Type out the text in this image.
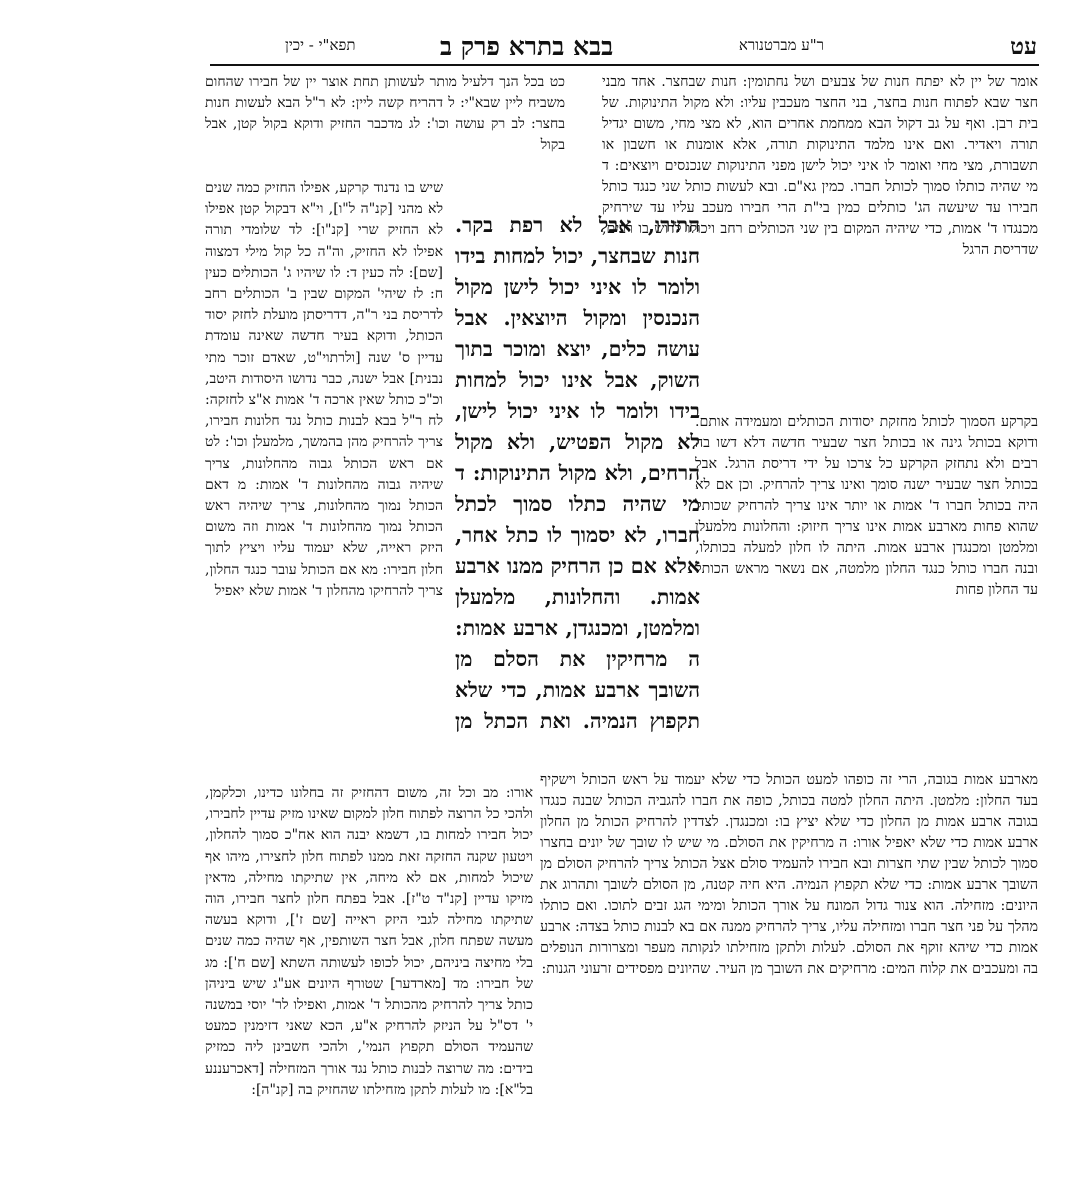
עט
ר"ע מברטנורא
בבא בתרא פרק ב
תפא"י - יכין
אומר של יין לא יפתח חנות של צבעים ושל נחתומין: חנות שבחצר. אחד מבני חצר שבא לפתוח חנות בחצר, בני החצר מעכבין עליו: ולא מקול התינוקות. של בית רבן. ואף על גב דקול הבא ממחמת אחרים הוא, לא מצי מחי, משום יגדיל תורה ויאדיר. ואם אינו מלמד התינוקות תורה, אלא אומנות או חשבון או תשבורת, מצי מחי ואומר לו איני יכול לישן מפני התינוקות שנכנסים ויוצאים: ד מי שהיה כותלו סמוך לכותל חברו. כמין גא"ם. ובא לעשות כותל שני כנגד כותל חבירו עד שיעשה הג' כותלים כמין בי"ת הרי חבירו מעכב עליו עד שירחיק מכנגדו ד' אמות, כדי שיהיה המקום בין שני הכותלים רחב ויכולו לדוש בו רבים, שדריסת הרגל
בקרקע הסמוך לכותל מחזקת יסודות הכותלים ומעמידה אותם. ודוקא בכותל גינה או בכותל חצר שבעיר חדשה דלא דשו בה רבים ולא נתחזק הקרקע כל צרכו על ידי דריסת הרגל. אבל בכותל חצר שבעיר ישנה סומך ואינו צריך להרחיק. וכן אם לא היה בכותל חברו ד' אמות או יותר אינו צריך להרחיק שכותל שהוא פחות מארבע אמות אינו צריך חיזוק: והחלונות מלמעלן ומלמטן ומכנגדן ארבע אמות. היתה לו חלון למעלה בכותלו, ובנה חברו כותל כנגד החלון מלמטה, אם נשאר מראש הכותל עד החלון פחות
מארבע אמות בגובה, הרי זה כופהו למעט הכותל כדי שלא יעמוד על ראש הכותל וישקיף בעד החלון: מלמטן. היתה החלון למטה בכותל, כופה את חברו להגביה הכותל שבנה כנגדו בגובה ארבע אמות מן החלון כדי שלא יציץ בו: ומכנגדן. לצדדין להרחיק הכותל מן החלון ארבע אמות כדי שלא יאפיל אורו: ה מרחיקין את הסולם. מי שיש לו שובך של יונים בחצרו סמוך לכותל שבין שתי חצרות ובא חבירו להעמיד סולם אצל הכותל צריך להרחיק הסולם מן השובך ארבע אמות: כדי שלא תקפוץ הנמיה. היא חיה קטנה, מן הסולם לשובך ותהרוג את היונים: מזחילה. הוא צנור גדול המונח על אורך הכותל ומימי הגג זבים לתוכו. ואם כותלו מהלך על פני חצר חברו ומזחילה עליו, צריך להרחיק ממנה אם בא לבנות כותל בצדה: ארבע אמות כדי שיהא זוקף את הסולם. לעלות ולתקן מזחילתו לנקותה מעפר ומצרורות הנופלים בה ומעכבים את קלוח המים: מרחיקים את השובך מן העיר. שהיונים מפסידים זרעוני הגנות:
התירו, אבל לא רפת בקר. חנות שבחצר, יכול למחות בידו ולומר לו איני יכול לישן מקול הנכנסין ומקול היוצאין. אבל עושה כלים, יוצא ומוכר בתוך השוק, אבל אינו יכול למחות בידו ולומר לו איני יכול לישן, לא מקול הפטיש, ולא מקול הרחים, ולא מקול התינוקות: ד מי שהיה כתלו סמוך לכתל חברו, לא יסמוך לו כתל אחר, אלא אם כן הרחיק ממנו ארבע אמות. והחלונות, מלמעלן ומלמטן, ומכנגדן, ארבע אמות: ה מרחיקין את הסלם מן השובך ארבע אמות, כדי שלא תקפוץ הנמיה. ואת הכתל מן
כט בכל הנך דלעיל מותר לעשותן תחת אוצר יין של חבירו שהחום משביח ליין שבא"י: ל דהריח קשה ליין: לא ר"ל הבא לעשות חנות בחצר: לב רק עושה וכו': לג מדכבר החזיק ודוקא בקול קטן, אבל בקול
שיש בו נדנוד קרקע, אפילו החזיק כמה שנים לא מהני [קנ"ה ל"ו], וי"א דבקול קטן אפילו לא החזיק שרי [קנ"ו]: לד שלומדי תורה אפילו לא החזיק, וה"ה כל קול מילי דמצוה [שם]: לה כעין ד: לו שיהיו ג' הכותלים כעין ח: לז שיהי' המקום שבין ב' הכותלים רחב לדריסת בני ר"ה, דדריסתן מועלת לחזק יסוד הכותל, ודוקא בעיר חדשה שאינה עומדת עדיין ס' שנה [ולרתוי"ט, שאדם זוכר מתי נבנית] אבל ישנה, כבר נדושו היסודות היטב, וכ"כ כותל שאין ארכה ד' אמות א"צ לחזקה: לח ר"ל בבא לבנות כותל נגד חלונות חבירו, צריך להרחיק מהן בהמשך, מלמעלן וכו': לט אם ראש הכותל גבוה מהחלונות, צריך שיהיה גבוה מהחלונות ד' אמות: מ דאם הכותל נמוך מהחלונות, צריך שיהיה ראש הכותל נמוך מהחלונות ד' אמות וזה משום היזק ראייה, שלא יעמוד עליו ויציץ לתוך חלון חבירו: מא אם הכותל עובר כנגד החלון, צריך להרחיקו מהחלון ד' אמות שלא יאפיל
אורו: מב וכל זה, משום דהחזיק זה בחלונו כדינו, וכלקמן, ולהכי כל הרוצה לפתוח חלון למקום שאינו מזיק עדיין לחבירו, יכול חבירו למחות בו, דשמא יבנה הוא אח"כ סמוך להחלון, ויטעון שקנה החזקה זאת ממנו לפתוח חלון לחצירו, מיהו אף שיכול למחות, אם לא מיחה, אין שתיקתו מחילה, מדאין מזיקו עדיין [קנ"ד ט"ז]. אבל בפתח חלון לחצר חבירו, הוה שתיקתו מחילה לגבי היזק ראייה [שם ז'], ודוקא בעשה מעשה שפתח חלון, אבל חצר השותפין, אף שהיה כמה שנים בלי מחיצה ביניהם, יכול לכופו לעשותה השתא [שם ח']: מג של חבירו: מד [מארדער] שטורף היונים אע"ג שיש ביניהן כותל צריך להרחיק מהכותל ד' אמות, ואפילו לר' יוסי במשנה י' דס"ל על הניזק להרחיק א"ע, הכא שאני דזימנין כמעט שהעמיד הסולם תקפוץ הנמי', ולהכי חשבינן ליה כמזיק בידים: מה שרוצה לבנות כותל נגד אורך המזחילה [דאכרעננע בל"א]: מו לעלות לתקן מזחילתו שהחזיק בה [קנ"ה]:
